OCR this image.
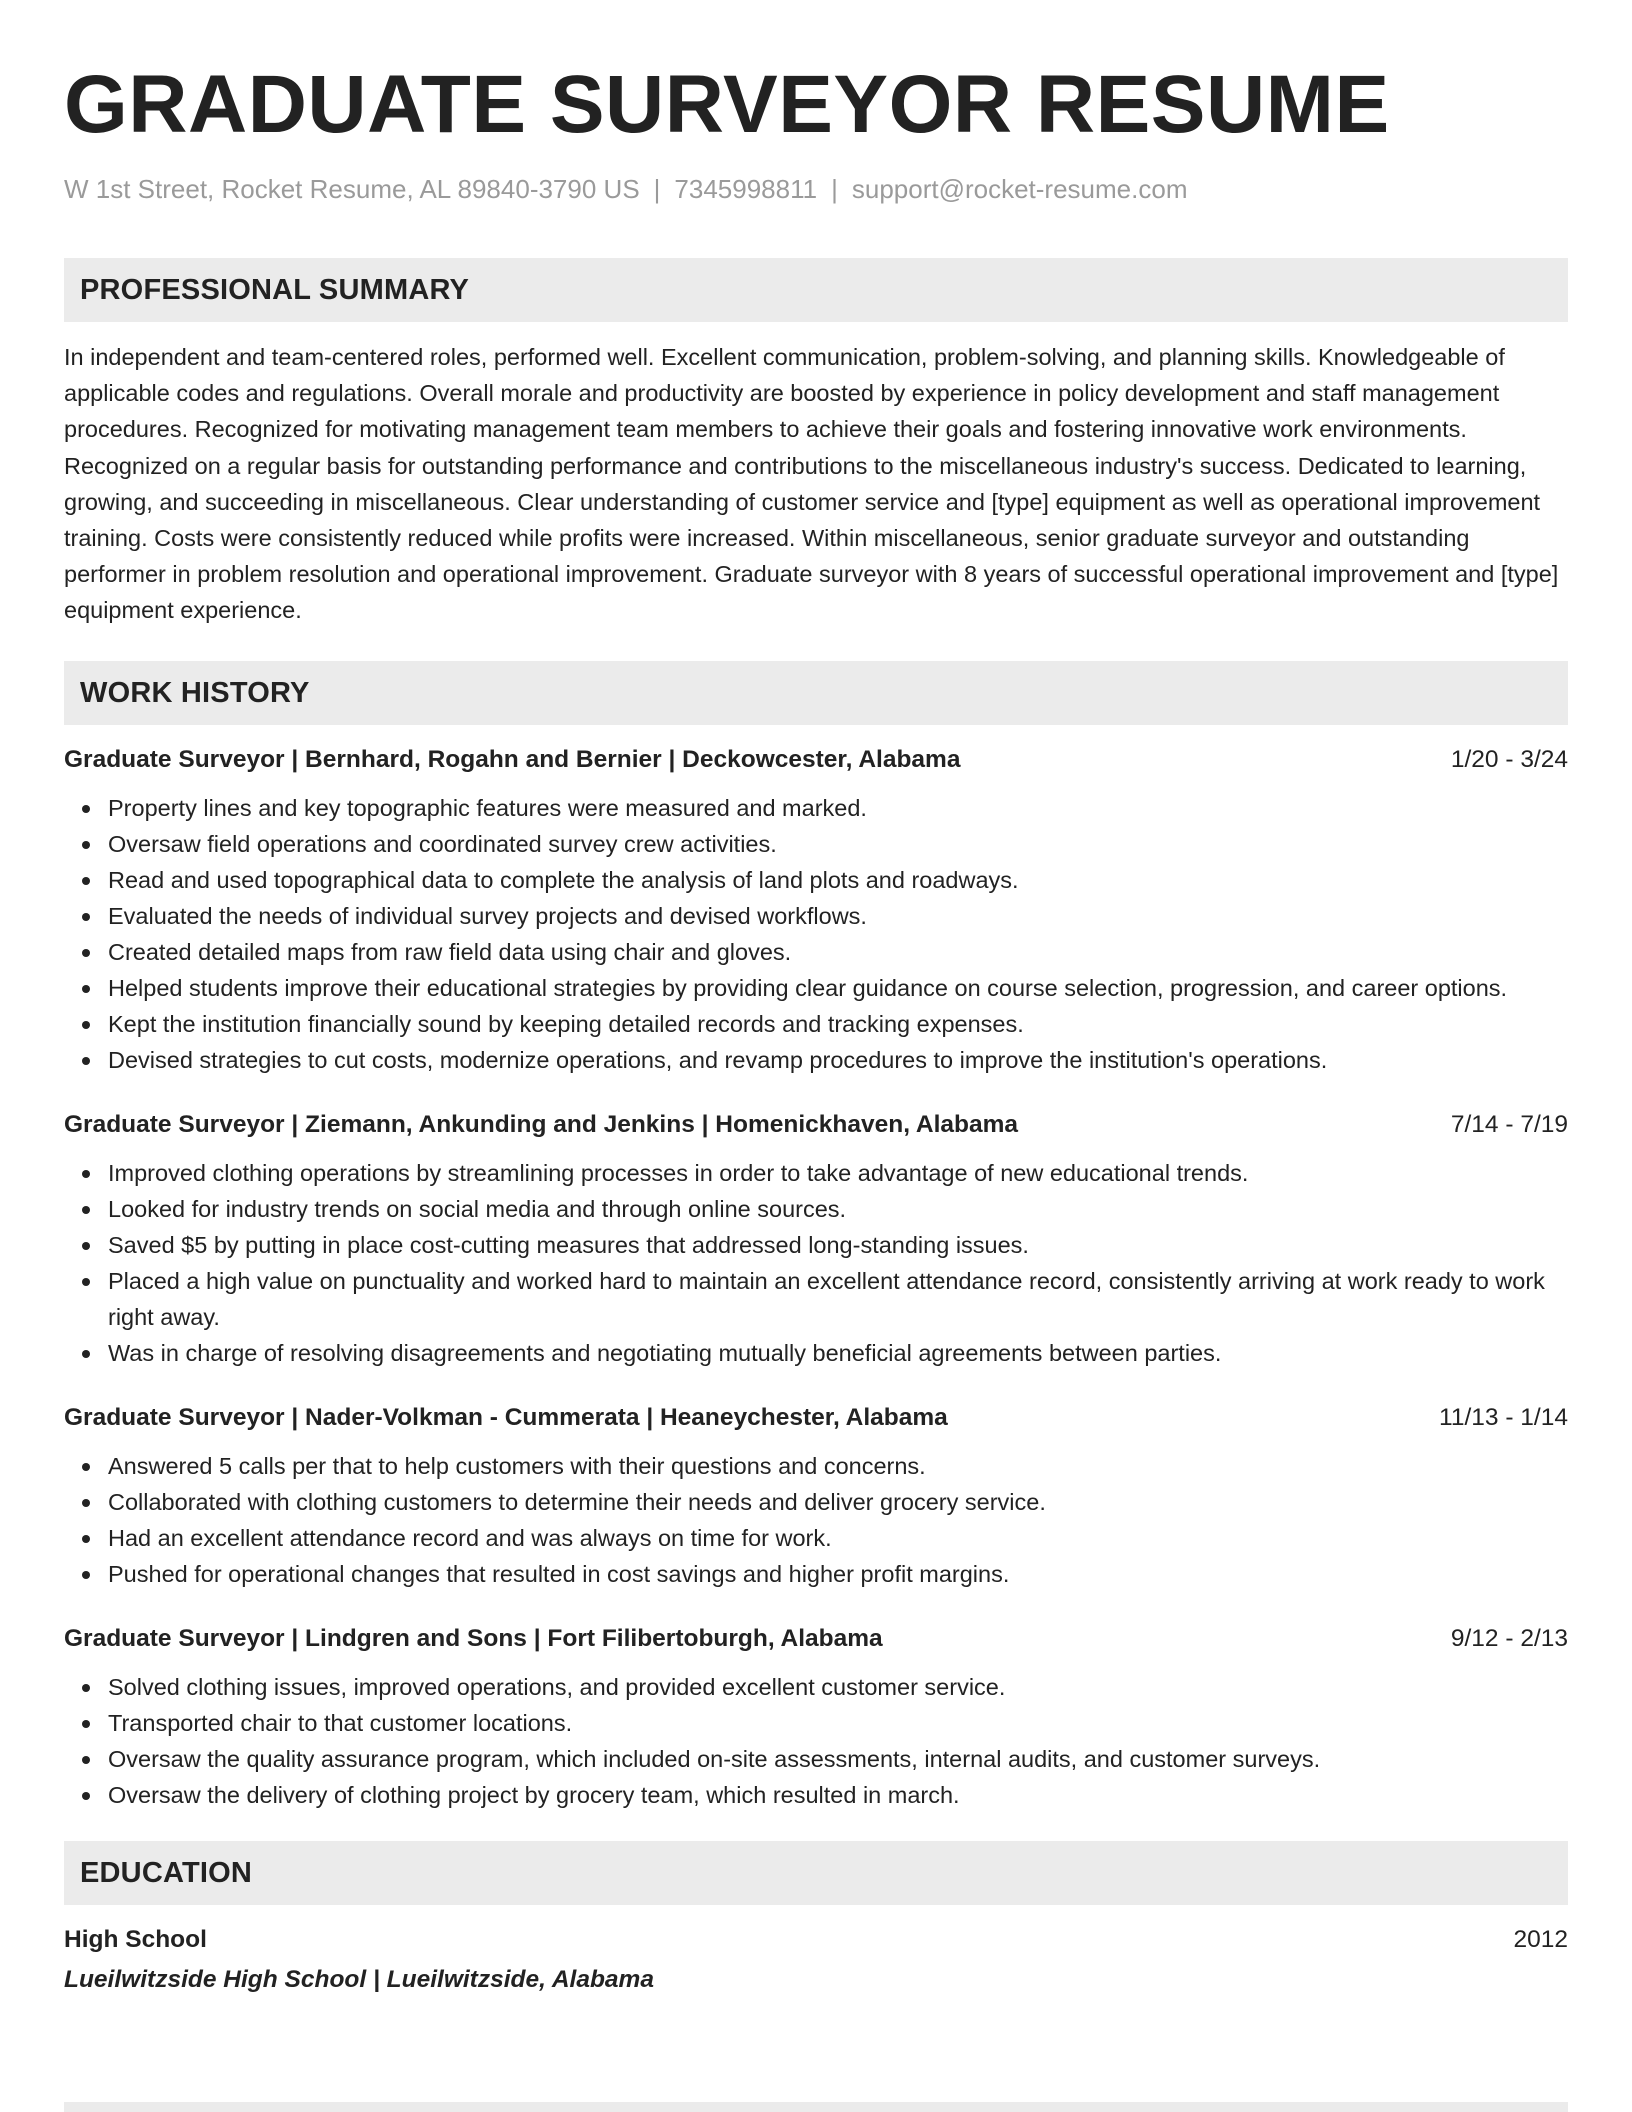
GRADUATE SURVEYOR RESUME
W 1st Street, Rocket Resume, AL 89840-3790 US | 7345998811 | support@rocket-resume.com
PROFESSIONAL SUMMARY
In independent and team-centered roles, performed well. Excellent communication, problem-solving, and planning skills. Knowledgeable of applicable codes and regulations. Overall morale and productivity are boosted by experience in policy development and staff management procedures. Recognized for motivating management team members to achieve their goals and fostering innovative work environments. Recognized on a regular basis for outstanding performance and contributions to the miscellaneous industry's success. Dedicated to learning, growing, and succeeding in miscellaneous. Clear understanding of customer service and [type] equipment as well as operational improvement training. Costs were consistently reduced while profits were increased. Within miscellaneous, senior graduate surveyor and outstanding performer in problem resolution and operational improvement. Graduate surveyor with 8 years of successful operational improvement and [type] equipment experience.
WORK HISTORY
Graduate Surveyor | Bernhard, Rogahn and Bernier | Deckowcester, Alabama	1/20 - 3/24
Property lines and key topographic features were measured and marked.
Oversaw field operations and coordinated survey crew activities.
Read and used topographical data to complete the analysis of land plots and roadways.
Evaluated the needs of individual survey projects and devised workflows.
Created detailed maps from raw field data using chair and gloves.
Helped students improve their educational strategies by providing clear guidance on course selection, progression, and career options.
Kept the institution financially sound by keeping detailed records and tracking expenses.
Devised strategies to cut costs, modernize operations, and revamp procedures to improve the institution's operations.
Graduate Surveyor | Ziemann, Ankunding and Jenkins | Homenickhaven, Alabama	7/14 - 7/19
Improved clothing operations by streamlining processes in order to take advantage of new educational trends.
Looked for industry trends on social media and through online sources.
Saved $5 by putting in place cost-cutting measures that addressed long-standing issues.
Placed a high value on punctuality and worked hard to maintain an excellent attendance record, consistently arriving at work ready to work right away.
Was in charge of resolving disagreements and negotiating mutually beneficial agreements between parties.
Graduate Surveyor | Nader-Volkman - Cummerata | Heaneychester, Alabama	11/13 - 1/14
Answered 5 calls per that to help customers with their questions and concerns.
Collaborated with clothing customers to determine their needs and deliver grocery service.
Had an excellent attendance record and was always on time for work.
Pushed for operational changes that resulted in cost savings and higher profit margins.
Graduate Surveyor | Lindgren and Sons | Fort Filibertoburgh, Alabama	9/12 - 2/13
Solved clothing issues, improved operations, and provided excellent customer service.
Transported chair to that customer locations.
Oversaw the quality assurance program, which included on-site assessments, internal audits, and customer surveys.
Oversaw the delivery of clothing project by grocery team, which resulted in march.
EDUCATION
High School	2012
Lueilwitzside High School | Lueilwitzside, Alabama
